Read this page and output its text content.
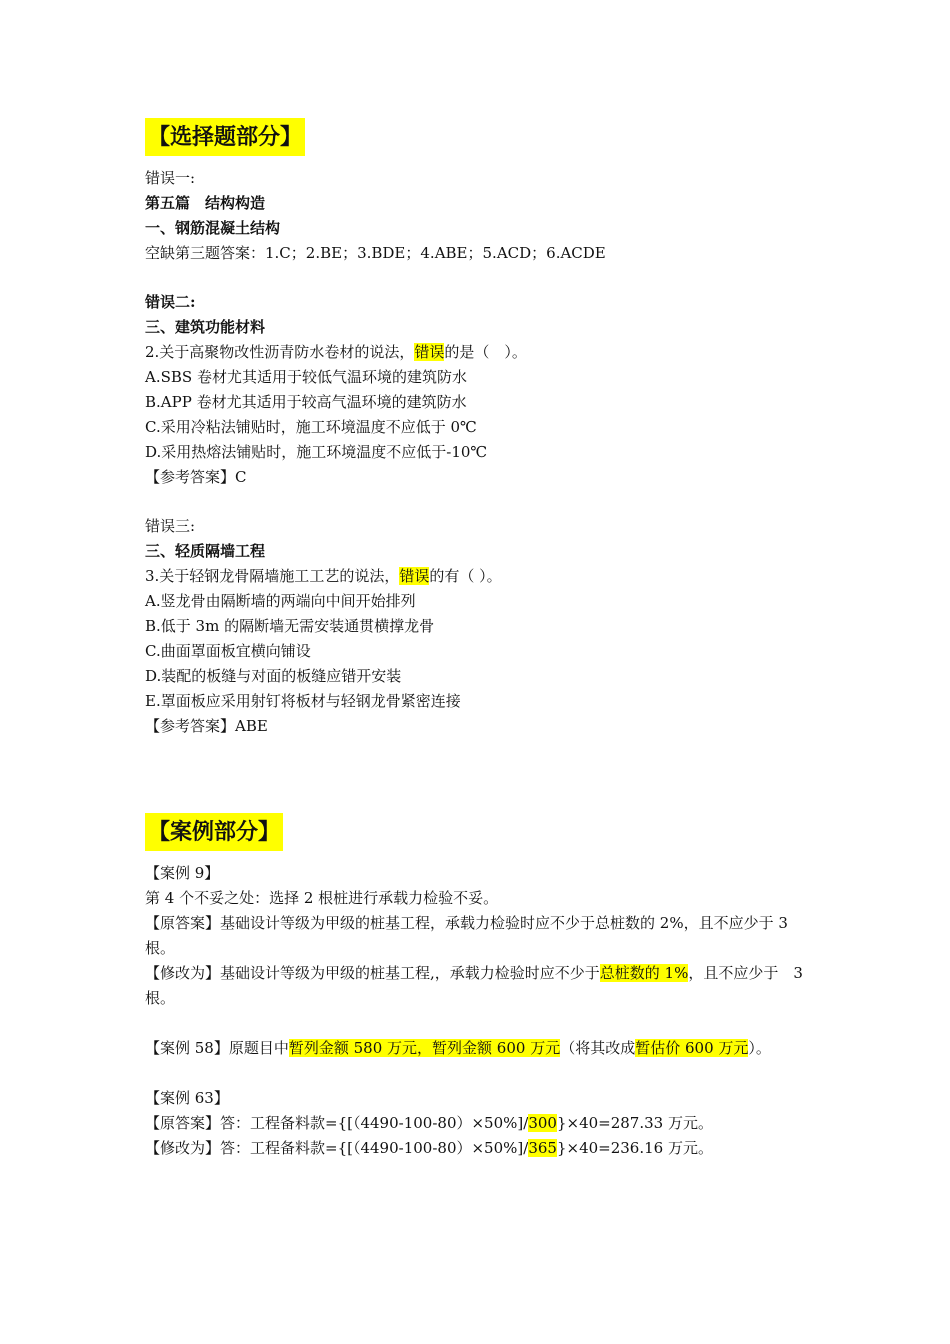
【选择题部分】
错误一:
第五篇　结构构造
一、钢筋混凝土结构
空缺第三题答案：1.C；2.BE；3.BDE；4.ABE；5.ACD；6.ACDE
错误二:
三、建筑功能材料
2.关于高聚物改性沥青防水卷材的说法，错误的是（　）。
A.SBS 卷材尤其适用于较低气温环境的建筑防水
B.APP 卷材尤其适用于较高气温环境的建筑防水
C.采用冷粘法铺贴时，施工环境温度不应低于 0℃
D.采用热熔法铺贴时，施工环境温度不应低于-10℃
【参考答案】C
错误三:
三、轻质隔墙工程
3.关于轻钢龙骨隔墙施工工艺的说法，错误的有（ ）。
A.竖龙骨由隔断墙的两端向中间开始排列
B.低于 3m 的隔断墙无需安装通贯横撑龙骨
C.曲面罩面板宜横向铺设
D.装配的板缝与对面的板缝应错开安装
E.罩面板应采用射钉将板材与轻钢龙骨紧密连接
【参考答案】ABE
【案例部分】
【案例 9】
第 4 个不妥之处：选择 2 根桩进行承载力检验不妥。
【原答案】基础设计等级为甲级的桩基工程，承载力检验时应不少于总桩数的 2%，且不应少于 3 根。
【修改为】基础设计等级为甲级的桩基工程,，承载力检验时应不少于总桩数的 1%，且不应少于　3　根。
【案例 58】原题目中暂列金额 580 万元，暂列金额 600 万元（将其改成暂估价 600 万元）。
【案例 63】
【原答案】答：工程备料款={[（4490-100-80）×50%]/300}×40=287.33 万元。
【修改为】答：工程备料款={[（4490-100-80）×50%]/365}×40=236.16 万元。
